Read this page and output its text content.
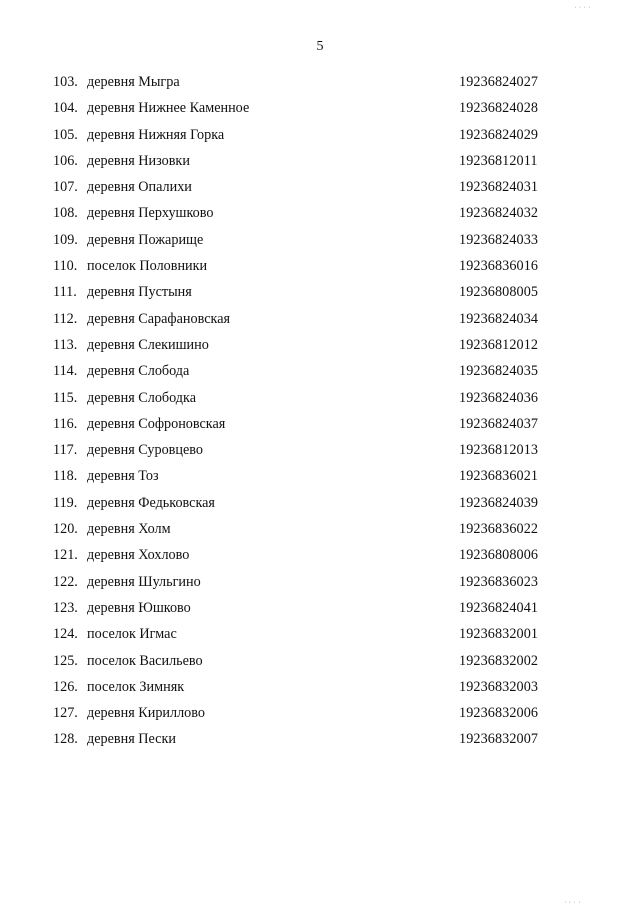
5
103. деревня Мыгра	19236824027
104. деревня Нижнее Каменное	19236824028
105. деревня Нижняя Горка	19236824029
106. деревня Низовки	19236812011
107. деревня Опалихи	19236824031
108. деревня Перхушково	19236824032
109. деревня Пожарище	19236824033
110. поселок Половники	19236836016
111. деревня Пустыня	19236808005
112. деревня Сарафановская	19236824034
113. деревня Слекишино	19236812012
114. деревня Слобода	19236824035
115. деревня Слободка	19236824036
116. деревня Софроновская	19236824037
117. деревня Суровцево	19236812013
118. деревня Тоз	19236836021
119. деревня Федьковская	19236824039
120. деревня Холм	19236836022
121. деревня Хохлово	19236808006
122. деревня Шульгино	19236836023
123. деревня Юшково	19236824041
124. поселок Игмас	19236832001
125. поселок Васильево	19236832002
126. поселок Зимняк	19236832003
127. деревня Кириллово	19236832006
128. деревня Пески	19236832007
⁠ˌ ˌ ˌ ˌ
ˌ ˌ ˌ ˌ
